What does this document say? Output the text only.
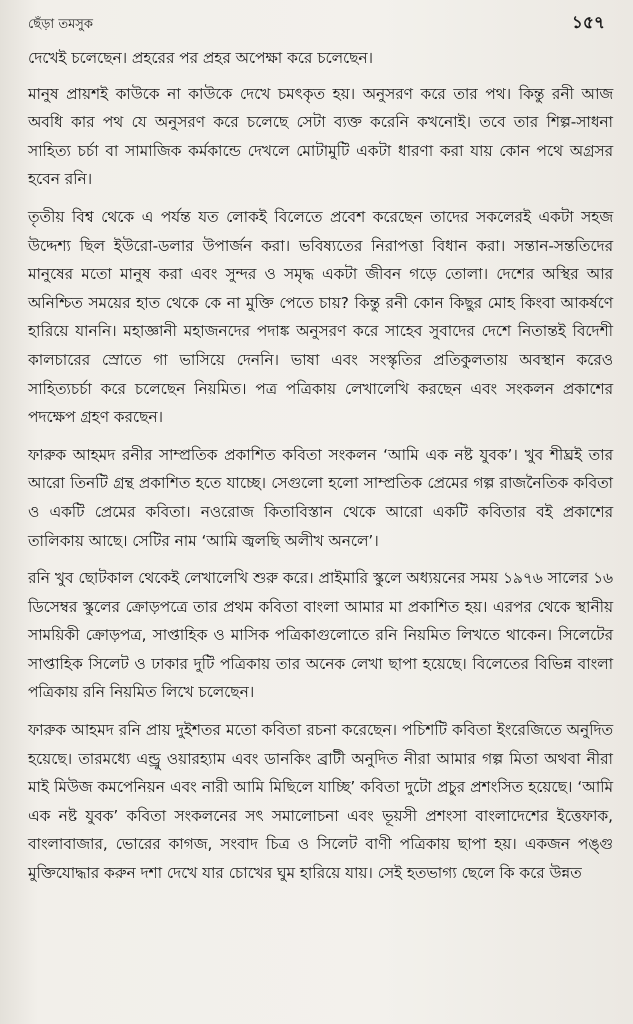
ছেঁড়া তমসুক	১৫৭

দেখেই চলেছেন। প্রহরের পর প্রহর অপেক্ষা করে চলেছেন।

মানুষ প্রায়শই কাউকে না কাউকে দেখে চমৎকৃত হয়। অনুসরণ করে তার পথ। কিন্তু রনী আজ অবধি কার পথ যে অনুসরণ করে চলেছে সেটা ব্যক্ত করেনি কখনোই। তবে তার শিল্প-সাধনা সাহিত্য চর্চা বা সামাজিক কর্মকান্ডে দেখলে মোটামুটি একটা ধারণা করা যায় কোন পথে অগ্রসর হবেন রনি।

তৃতীয় বিশ্ব থেকে এ পর্যন্ত যত লোকই বিলেতে প্রবেশ করেছেন তাদের সকলেরই একটা সহজ উদ্দেশ্য ছিল ইউরো-ডলার উপার্জন করা। ভবিষ্যতের নিরাপত্তা বিধান করা। সন্তান-সন্ততিদের মানুষের মতো মানুষ করা এবং সুন্দর ও সমৃদ্ধ একটা জীবন গড়ে তোলা। দেশের অস্থির আর অনিশ্চিত সময়ের হাত থেকে কে না মুক্তি পেতে চায়? কিন্তু রনী কোন কিছুর মোহ কিংবা আকর্ষণে হারিয়ে যাননি। মহাজ্ঞানী মহাজনদের পদাঙ্ক অনুসরণ করে সাহেব সুবাদের দেশে নিতান্তই বিদেশী কালচারের স্রোতে গা ভাসিয়ে দেননি। ভাষা এবং সংস্কৃতির প্রতিকুলতায় অবস্থান করেও সাহিত্যচর্চা করে চলেছেন নিয়মিত। পত্র পত্রিকায় লেখালেখি করছেন এবং সংকলন প্রকাশের পদক্ষেপ গ্রহণ করছেন।

ফারুক আহমদ রনীর সাম্প্রতিক প্রকাশিত কবিতা সংকলন ‘আমি এক নষ্ট যুবক’। খুব শীঘ্রই তার আরো তিনটি গ্রন্থ প্রকাশিত হতে যাচ্ছে। সেগুলো হলো সাম্প্রতিক প্রেমের গল্প রাজনৈতিক কবিতা ও একটি প্রেমের কবিতা। নওরোজ কিতাবিস্তান থেকে আরো একটি কবিতার বই প্রকাশের তালিকায় আছে। সেটির নাম ‘আমি জ্বলছি অলীখ অনলে’।

রনি খুব ছোটকাল থেকেই লেখালেখি শুরু করে। প্রাইমারি স্কুলে অধ্যয়নের সময় ১৯৭৬ সালের ১৬ ডিসেম্বর স্কুলের ক্রোড়পত্রে তার প্রথম কবিতা বাংলা আমার মা প্রকাশিত হয়। এরপর থেকে স্থানীয় সাময়িকী ক্রোড়পত্র, সাপ্তাহিক ও মাসিক পত্রিকাগুলোতে রনি নিয়মিত লিখতে থাকেন। সিলেটের সাপ্তাহিক সিলেট ও ঢাকার দুটি পত্রিকায় তার অনেক লেখা ছাপা হয়েছে। বিলেতের বিভিন্ন বাংলা পত্রিকায় রনি নিয়মিত লিখে চলেছেন।

ফারুক আহমদ রনি প্রায় দুইশতর মতো কবিতা রচনা করেছেন। পচিশটি কবিতা ইংরেজিতে অনুদিত হয়েছে। তারমধ্যে এন্ড্রু ওয়ারহ্যাম এবং ডানকিং ব্রাটী অনুদিত নীরা আমার গল্প মিতা অথবা নীরা মাই মিউজ কমপেনিয়ন এবং নারী আমি মিছিলে যাচ্ছি’ কবিতা দুটো প্রচুর প্রশংসিত হয়েছে। ‘আমি এক নষ্ট যুবক’ কবিতা সংকলনের সৎ সমালোচনা এবং ভূয়সী প্রশংসা বাংলাদেশের ইত্তেফাক, বাংলাবাজার, ভোরের কাগজ, সংবাদ চিত্র ও সিলেট বাণী পত্রিকায় ছাপা হয়। একজন পঙ্গু মুক্তিযোদ্ধার করুন দশা দেখে যার চোখের ঘুম হারিয়ে যায়। সেই হতভাগ্য ছেলে কি করে উন্নত
